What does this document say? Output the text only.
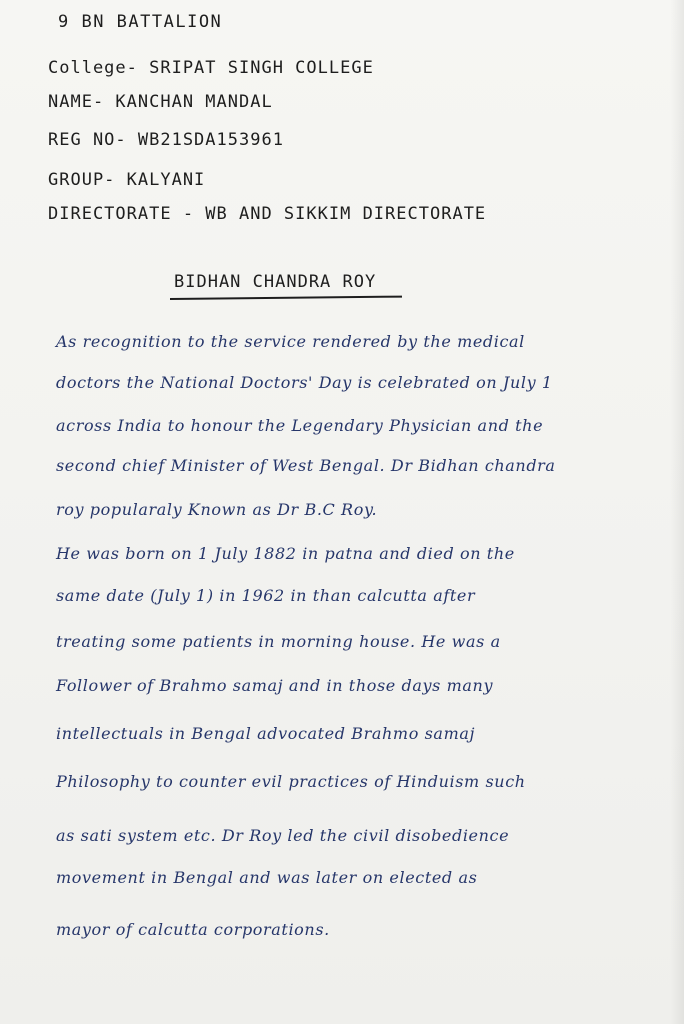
9 BN BATTALION
College- SRIPAT SINGH COLLEGE
NAME- KANCHAN MANDAL
REG NO- WB21SDA153961
GROUP- KALYANI
DIRECTORATE - WB AND SIKKIM DIRECTORATE
BIDHAN CHANDRA ROY
As recognition to the service rendered by the medical
doctors the National Doctors' Day is celebrated on July 1
across India to honour the Legendary Physician and the
second chief Minister of West Bengal. Dr Bidhan chandra
roy popularaly Known as Dr B.C Roy.
He was born on 1 July 1882 in patna and died on the
same date (July 1) in 1962 in than calcutta after
treating some patients in morning house. He was a
Follower of Brahmo samaj and in those days many
intellectuals in Bengal advocated Brahmo samaj
Philosophy to counter evil practices of Hinduism such
as sati system etc. Dr Roy led the civil disobedience
movement in Bengal and was later on elected as
mayor of calcutta corporations.
